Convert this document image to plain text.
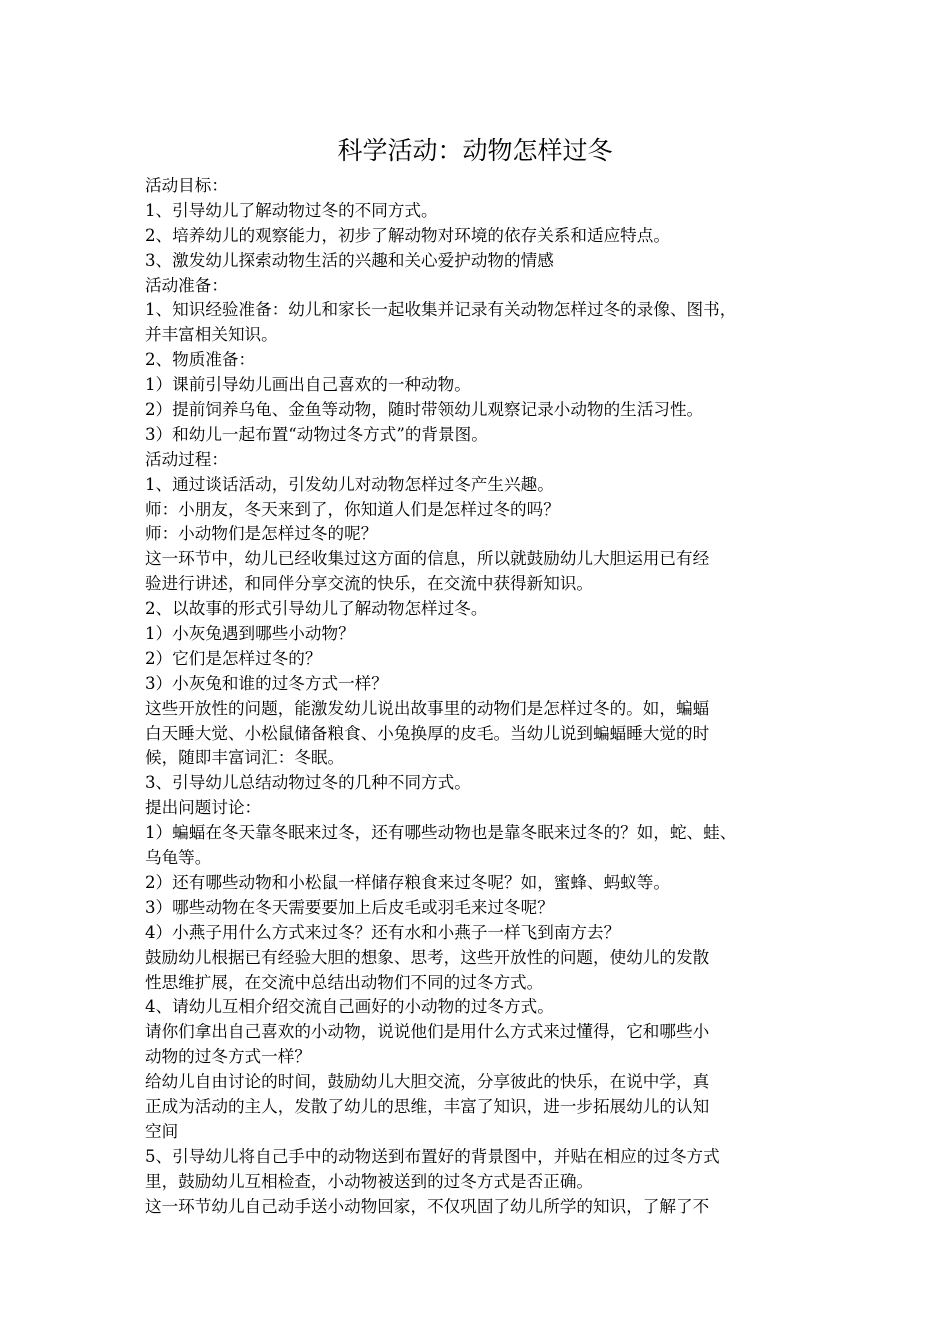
科学活动：动物怎样过冬
活动目标：
1、引导幼儿了解动物过冬的不同方式。
2、培养幼儿的观察能力，初步了解动物对环境的依存关系和适应特点。
3、激发幼儿探索动物生活的兴趣和关心爱护动物的情感
活动准备：
1、知识经验准备：幼儿和家长一起收集并记录有关动物怎样过冬的录像、图书，
并丰富相关知识。
2、物质准备：
1）课前引导幼儿画出自己喜欢的一种动物。
2）提前饲养乌龟、金鱼等动物，随时带领幼儿观察记录小动物的生活习性。
3）和幼儿一起布置“动物过冬方式”的背景图。
活动过程：
1、通过谈话活动，引发幼儿对动物怎样过冬产生兴趣。
师：小朋友，冬天来到了，你知道人们是怎样过冬的吗？
师：小动物们是怎样过冬的呢？
这一环节中，幼儿已经收集过这方面的信息，所以就鼓励幼儿大胆运用已有经
验进行讲述，和同伴分享交流的快乐，在交流中获得新知识。
2、以故事的形式引导幼儿了解动物怎样过冬。
1）小灰兔遇到哪些小动物？
2）它们是怎样过冬的？
3）小灰兔和谁的过冬方式一样？
这些开放性的问题，能激发幼儿说出故事里的动物们是怎样过冬的。如，蝙蝠
白天睡大觉、小松鼠储备粮食、小兔换厚的皮毛。当幼儿说到蝙蝠睡大觉的时
候，随即丰富词汇：冬眠。
3、引导幼儿总结动物过冬的几种不同方式。
提出问题讨论：
1）蝙蝠在冬天靠冬眠来过冬，还有哪些动物也是靠冬眠来过冬的？如，蛇、蛙、
乌龟等。
2）还有哪些动物和小松鼠一样储存粮食来过冬呢？如，蜜蜂、蚂蚁等。
3）哪些动物在冬天需要要加上后皮毛或羽毛来过冬呢？
4）小燕子用什么方式来过冬？还有水和小燕子一样飞到南方去？
鼓励幼儿根据已有经验大胆的想象、思考，这些开放性的问题，使幼儿的发散
性思维扩展，在交流中总结出动物们不同的过冬方式。
4、请幼儿互相介绍交流自己画好的小动物的过冬方式。
请你们拿出自己喜欢的小动物，说说他们是用什么方式来过懂得，它和哪些小
动物的过冬方式一样？
给幼儿自由讨论的时间，鼓励幼儿大胆交流，分享彼此的快乐，在说中学，真
正成为活动的主人，发散了幼儿的思维，丰富了知识，进一步拓展幼儿的认知
空间
5、引导幼儿将自己手中的动物送到布置好的背景图中，并贴在相应的过冬方式
里，鼓励幼儿互相检查，小动物被送到的过冬方式是否正确。
这一环节幼儿自己动手送小动物回家，不仅巩固了幼儿所学的知识，了解了不
